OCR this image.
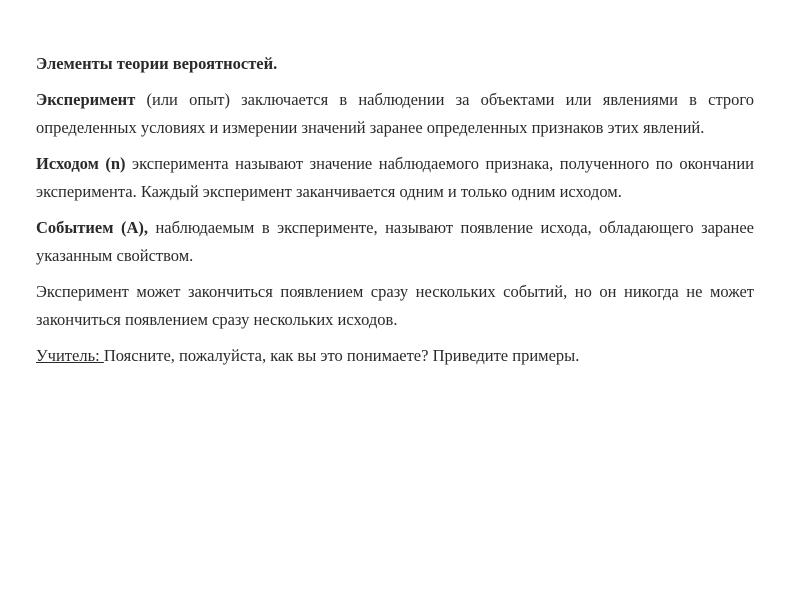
Элементы теории вероятностей.

Эксперимент (или опыт) заключается в наблюдении за объектами или явлениями в строго определенных условиях и измерении значений заранее определенных признаков этих явлений.

Исходом (n) эксперимента называют значение наблюдаемого признака, полученного по окончании эксперимента. Каждый эксперимент заканчивается одним и только одним исходом.

Событием (А), наблюдаемым в эксперименте, называют появление исхода, обладающего заранее указанным свойством.

Эксперимент может закончиться появлением сразу нескольких событий, но он никогда не может закончиться появлением сразу нескольких исходов.

Учитель: Поясните, пожалуйста, как вы это понимаете? Приведите примеры.
